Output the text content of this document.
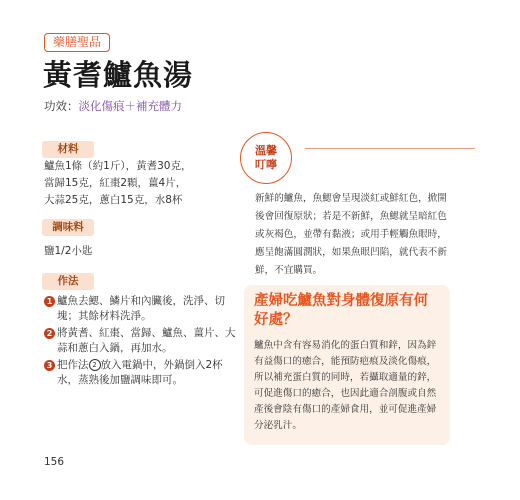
藥膳聖品
黃耆鱸魚湯
功效：淡化傷痕＋補充體力
材料
鱸魚1條（約1斤），黃耆30克，
當歸15克，紅棗2顆，薑4片，
大蒜25克，蔥白15克，水8杯
調味料
鹽1/2小匙
作法
1 鱸魚去鰓、鱗片和內臟後，洗淨、切塊；其餘材料洗淨。
2 將黃耆、紅棗、當歸、鱸魚、薑片、大蒜和蔥白入鍋，再加水。
3 把作法 2 放入電鍋中，外鍋倒入2杯水，蒸熟後加鹽調味即可。
溫馨
叮嚀
新鮮的鱸魚，魚鰓會呈現淡紅或鮮紅色，掀開後會回復原狀；若是不新鮮，魚鰓就呈暗紅色或灰褐色，並帶有黏液；或用手輕觸魚眼時，應呈飽滿圓潤狀，如果魚眼凹陷，就代表不新鮮，不宜購買。
產婦吃鱸魚對身體復原有何好處？
鱸魚中含有容易消化的蛋白質和鋅，因為鋅有益傷口的癒合，能預防疤痕及淡化傷痕，所以補充蛋白質的同時，若攝取適量的鋅，可促進傷口的癒合，也因此適合剖腹或自然產後會陰有傷口的產婦食用，並可促進產婦分泌乳汁。
156
